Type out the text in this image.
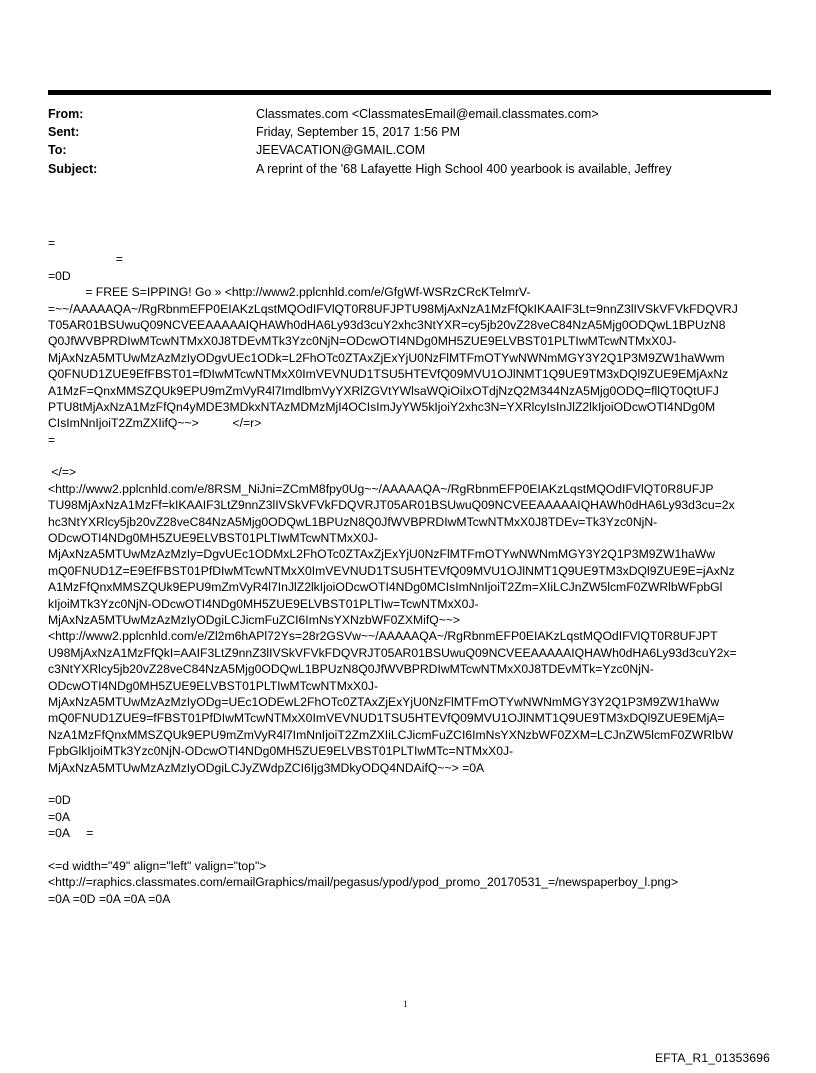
From:	Classmates.com <ClassmatesEmail@email.classmates.com>
Sent:	Friday, September 15, 2017 1:56 PM
To:	JEEVACATION@GMAIL.COM
Subject:	A reprint of the '68 Lafayette High School 400 yearbook is available, Jeffrey
=
=
=0D
= FREE S=IPPING! Go » <http://www2.pplcnhld.com/e/GfgWf-WSRzCRcKTelmrV-
=~~/AAAAAQA~/RgRbnmEFP0EIAKzLqstMQOdIFVlQT0R8UFJPTU98MjAxNzA1MzFfQkIKAAIF3Lt=9nnZ3lIVSkVFVkFDQVRJ
T05AR01BSUwuQ09NCVEEAAAAAIQHAWh0dHA6Ly93d3cuY2xhc3NtYXR=cy5jb20vZ28veC84NzA5Mjg0ODQwL1BPUzN8
Q0JfWVBPRDIwMTcwNTMxX0J8TDEvMTk3Yzc0NjN=ODcwOTI4NDg0MH5ZUE9ELVBST01PLTIwMTcwNTMxX0J-
MjAxNzA5MTUwMzAzMzIyODgvUEc1ODk=L2FhOTc0ZTAxZjExYjU0NzFlMTFmOTYwNWNmMGY3Y2Q1P3M9ZW1haWwm
Q0FNUD1ZUE9EfFBST01=fDIwMTcwNTMxX0ImVEVNUD1TSU5HTEVfQ09MVU1OJlNMT1Q9UE9TM3xDQl9ZUE9EMjAxNz
A1MzF=QnxMMSZQUk9EPU9mZmVyR4l7ImdlbmVyYXRlZGVtYWlsaWQiOiIxOTdjNzQ2M344NzA5Mjg0ODQ=fllQT0QtUFJ
PTU8tMjAxNzA1MzFfQn4yMDE3MDkxNTAzMDMzMjI4OCIsImJyYW5kIjoiY2xhc3N=YXRlcyIsInJlZ2lkIjoiODcwOTI4NDg0M
CIsImNnIjoiT2ZmZXIifQ~~>          </=r>
=
</=>
<http://www2.pplcnhld.com/e/8RSM_NiJni=ZCmM8fpy0Ug~~/AAAAAQA~/RgRbnmEFP0EIAKzLqstMQOdIFVlQT0R8UFJP
TU98MjAxNzA1MzFf=kIKAAIF3LtZ9nnZ3lIVSkVFVkFDQVRJT05AR01BSUwuQ09NCVEEAAAAAIQHAWh0dHA6Ly93d3cu=2x
hc3NtYXRlcy5jb20vZ28veC84NzA5Mjg0ODQwL1BPUzN8Q0JfWVBPRDIwMTcwNTMxX0J8TDEv=Tk3Yzc0NjN-
ODcwOTI4NDg0MH5ZUE9ELVBST01PLTIwMTcwNTMxX0J-
MjAxNzA5MTUwMzAzMzIy=DgvUEc1ODMxL2FhOTc0ZTAxZjExYjU0NzFlMTFmOTYwNWNmMGY3Y2Q1P3M9ZW1haWw
mQ0FNUD1Z=E9EfFBST01PfDIwMTcwNTMxX0ImVEVNUD1TSU5HTEVfQ09MVU1OJlNMT1Q9UE9TM3xDQl9ZUE9E=jAxNz
A1MzFfQnxMMSZQUk9EPU9mZmVyR4l7InJlZ2lkIjoiODcwOTI4NDg0MCIsImNnIjoiT2Zm=XIiLCJnZW5lcmF0ZWRlbWFpbGl
kIjoiMTk3Yzc0NjN-ODcwOTI4NDg0MH5ZUE9ELVBST01PLTIw=TcwNTMxX0J-
MjAxNzA5MTUwMzAzMzIyODgiLCJicmFuZCI6ImNsYXNzbWF0ZXMifQ~~>
<http://www2.pplcnhld.com/e/Zl2m6hAPl72Ys=28r2GSVw~~/AAAAAQA~/RgRbnmEFP0EIAKzLqstMQOdIFVlQT0R8UFJPT
U98MjAxNzA1MzFfQkI=AAIF3LtZ9nnZ3lIVSkVFVkFDQVRJT05AR01BSUwuQ09NCVEEAAAAAIQHAWh0dHA6Ly93d3cuY2x=
c3NtYXRlcy5jb20vZ28veC84NzA5Mjg0ODQwL1BPUzN8Q0JfWVBPRDIwMTcwNTMxX0J8TDEvMTk=Yzc0NjN-
ODcwOTI4NDg0MH5ZUE9ELVBST01PLTIwMTcwNTMxX0J-
MjAxNzA5MTUwMzAzMzIyODg=UEc1ODEwL2FhOTc0ZTAxZjExYjU0NzFlMTFmOTYwNWNmMGY3Y2Q1P3M9ZW1haWw
mQ0FNUD1ZUE9=fFBST01PfDIwMTcwNTMxX0ImVEVNUD1TSU5HTEVfQ09MVU1OJlNMT1Q9UE9TM3xDQl9ZUE9EMjA=
NzA1MzFfQnxMMSZQUk9EPU9mZmVyR4l7ImNnIjoiT2ZmZXIiLCJicmFuZCI6ImNsYXNzbWF0ZXM=LCJnZW5lcmF0ZWRlbW
FpbGlkIjoiMTk3Yzc0NjN-ODcwOTI4NDg0MH5ZUE9ELVBST01PLTIwMTc=NTMxX0J-
MjAxNzA5MTUwMzAzMzIyODgiLCJyZWdpZCI6Ijg3MDkyODQ4NDAifQ~~> =0A
=0D
=0A
=0A     =
<=d width="49" align="left" valign="top">
<http://=raphics.classmates.com/emailGraphics/mail/pegasus/ypod/ypod_promo_20170531_=/newspaperboy_l.png>
=0A =0D =0A =0A =0A
1
EFTA_R1_01353696
